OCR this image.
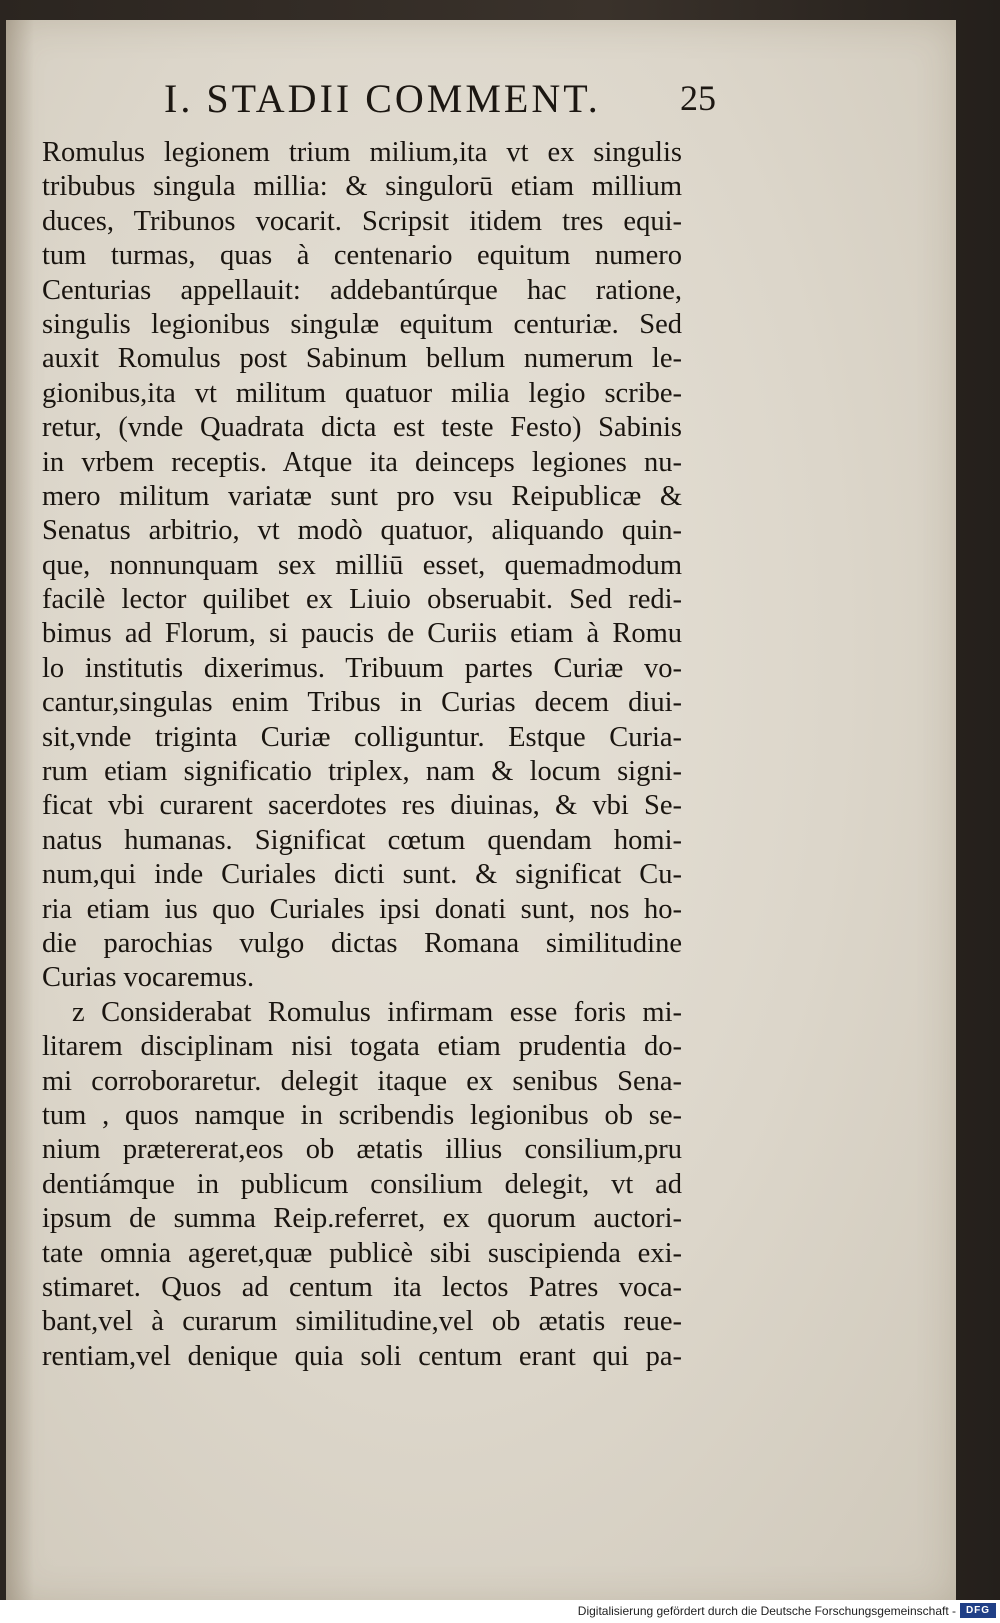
I. STADII COMMENT. 25
Romulus legionem trium milium,ita vt ex singulis
tribubus singula millia: & singulorū etiam millium
duces, Tribunos vocarit. Scripsit itidem tres equi-
tum turmas, quas à centenario equitum numero
Centurias appellauit: addebantúrque hac ratione,
singulis legionibus singulæ equitum centuriæ. Sed
auxit Romulus post Sabinum bellum numerum le-
gionibus,ita vt militum quatuor milia legio scribe-
retur, (vnde Quadrata dicta est teste Festo) Sabinis
in vrbem receptis. Atque ita deinceps legiones nu-
mero militum variatæ sunt pro vsu Reipublicæ &
Senatus arbitrio, vt modò quatuor, aliquando quin-
que, nonnunquam sex milliū esset, quemadmodum
facilè lector quilibet ex Liuio obseruabit. Sed redi-
bimus ad Florum, si paucis de Curiis etiam à Romu
lo institutis dixerimus. Tribuum partes Curiæ vo-
cantur,singulas enim Tribus in Curias decem diui-
sit,vnde triginta Curiæ colliguntur. Estque Curia-
rum etiam significatio triplex, nam & locum signi-
ficat vbi curarent sacerdotes res diuinas, & vbi Se-
natus humanas. Significat cœtum quendam homi-
num,qui inde Curiales dicti sunt. & significat Cu-
ria etiam ius quo Curiales ipsi donati sunt, nos ho-
die parochias vulgo dictas Romana similitudine
Curias vocaremus.
z Considerabat Romulus infirmam esse foris mi-
litarem disciplinam nisi togata etiam prudentia do-
mi corroboraretur. delegit itaque ex senibus Sena-
tum , quos namque in scribendis legionibus ob se-
nium prætererat,eos ob ætatis illius consilium,pru
dentiámque in publicum consilium delegit, vt ad
ipsum de summa Reip.referret, ex quorum auctori-
tate omnia ageret,quæ publicè sibi suscipienda exi-
stimaret. Quos ad centum ita lectos Patres voca-
bant,vel à curarum similitudine,vel ob ætatis reue-
rentiam,vel denique quia soli centum erant qui pa-
Digitalisierung gefördert durch die Deutsche Forschungsgemeinschaft - DFG
